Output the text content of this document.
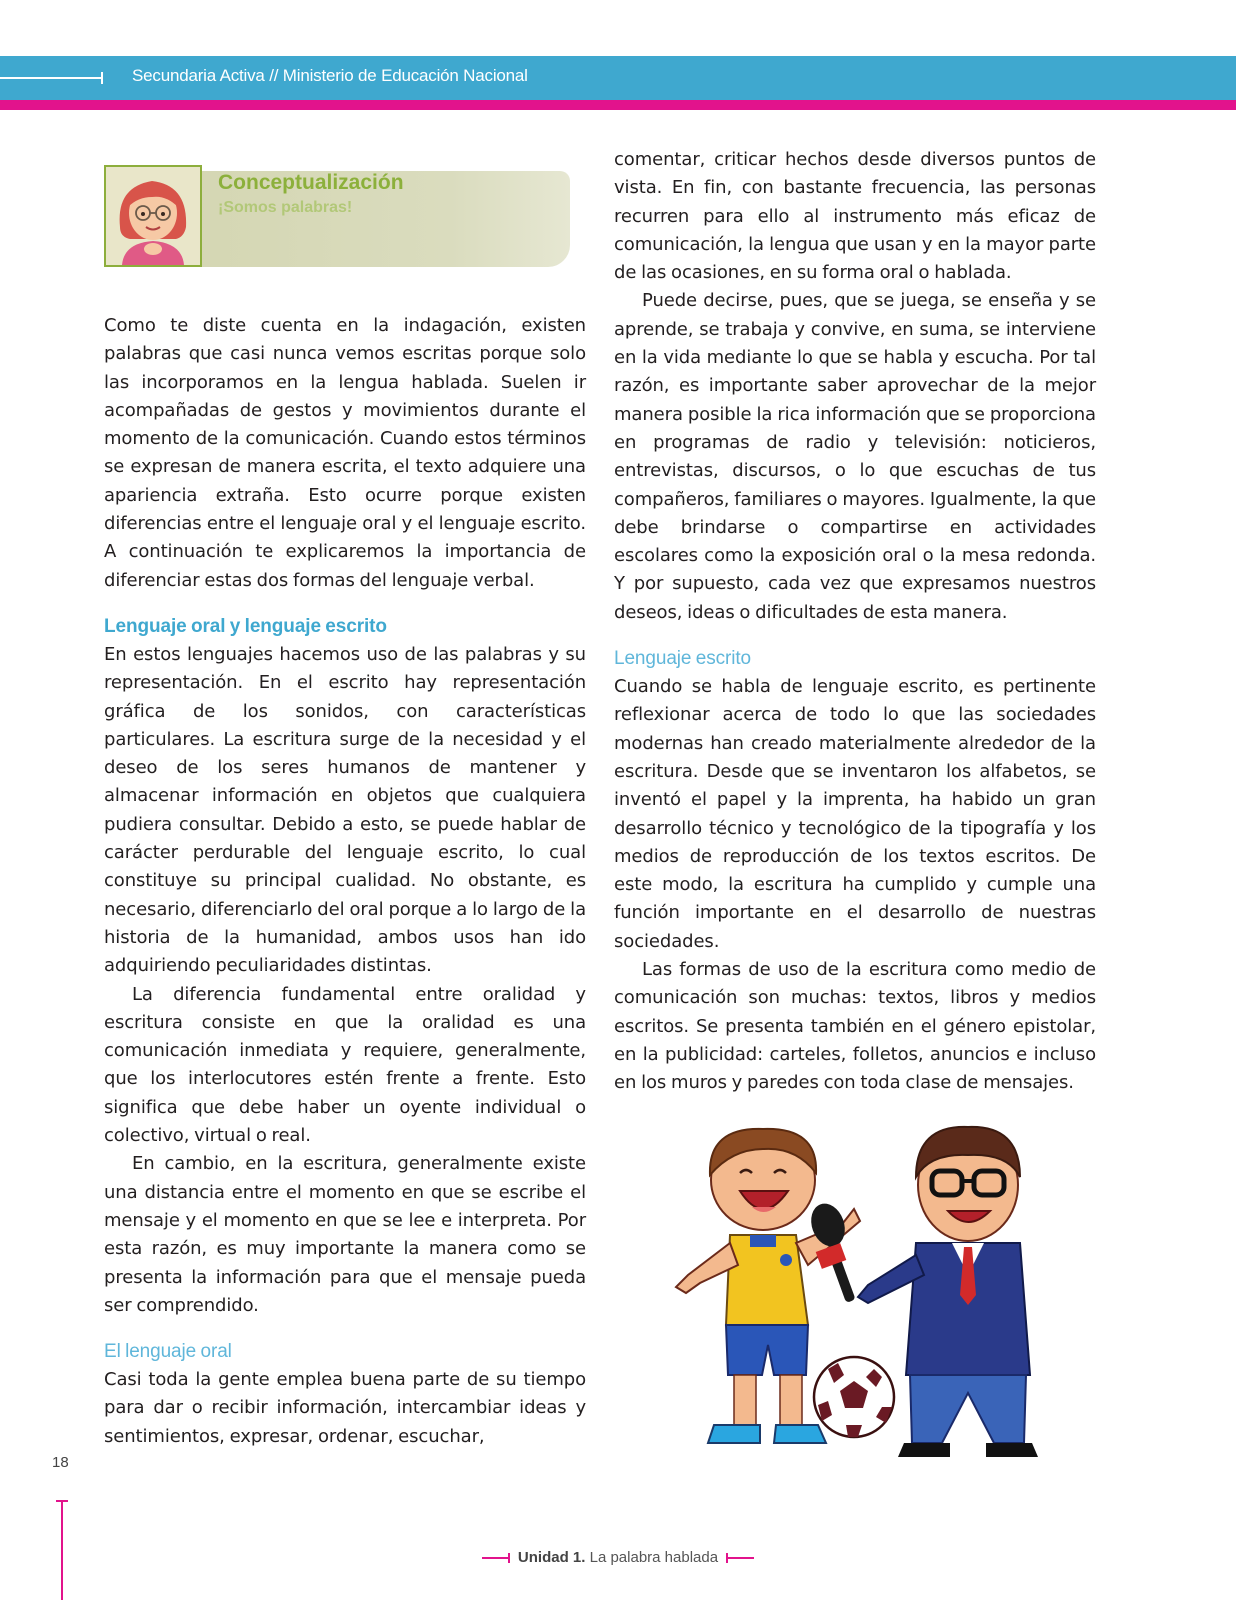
Secundaria Activa // Ministerio de Educación Nacional
Conceptualización
¡Somos palabras!

Como te diste cuenta en la indagación, existen palabras que casi nunca vemos escritas porque solo las incorporamos en la lengua hablada. Suelen ir acompañadas de gestos y movimientos durante el momento de la comunicación. Cuando estos términos se expresan de manera escrita, el texto adquiere una apariencia extraña. Esto ocurre porque existen diferencias entre el lenguaje oral y el lenguaje escrito. A continuación te explicaremos la importancia de diferenciar estas dos formas del lenguaje verbal.

Lenguaje oral y lenguaje escrito

En estos lenguajes hacemos uso de las palabras y su representación. En el escrito hay representación gráfica de los sonidos, con características particulares. La escritura surge de la necesidad y el deseo de los seres humanos de mantener y almacenar información en objetos que cualquiera pudiera consultar. Debido a esto, se puede hablar de carácter perdurable del lenguaje escrito, lo cual constituye su principal cualidad. No obstante, es necesario, diferenciarlo del oral porque a lo largo de la historia de la humanidad, ambos usos han ido adquiriendo peculiaridades distintas.

La diferencia fundamental entre oralidad y escritura consiste en que la oralidad es una comunicación inmediata y requiere, generalmente, que los interlocutores estén frente a frente. Esto significa que debe haber un oyente individual o colectivo, virtual o real.

En cambio, en la escritura, generalmente existe una distancia entre el momento en que se escribe el mensaje y el momento en que se lee e interpreta. Por esta razón, es muy importante la manera como se presenta la información para que el mensaje pueda ser comprendido.

El lenguaje oral

Casi toda la gente emplea buena parte de su tiempo para dar o recibir información, intercambiar ideas y sentimientos, expresar, ordenar, escuchar,

comentar, criticar hechos desde diversos puntos de vista. En fin, con bastante frecuencia, las personas recurren para ello al instrumento más eficaz de comunicación, la lengua que usan y en la mayor parte de las ocasiones, en su forma oral o hablada.

Puede decirse, pues, que se juega, se enseña y se aprende, se trabaja y convive, en suma, se interviene en la vida mediante lo que se habla y escucha. Por tal razón, es importante saber aprovechar de la mejor manera posible la rica información que se proporciona en programas de radio y televisión: noticieros, entrevistas, discursos, o lo que escuchas de tus compañeros, familiares o mayores. Igualmente, la que debe brindarse o compartirse en actividades escolares como la exposición oral o la mesa redonda. Y por supuesto, cada vez que expresamos nuestros deseos, ideas o dificultades de esta manera.

Lenguaje escrito

Cuando se habla de lenguaje escrito, es pertinente reflexionar acerca de todo lo que las sociedades modernas han creado materialmente alrededor de la escritura. Desde que se inventaron los alfabetos, se inventó el papel y la imprenta, ha habido un gran desarrollo técnico y tecnológico de la tipografía y los medios de reproducción de los textos escritos. De este modo, la escritura ha cumplido y cumple una función importante en el desarrollo de nuestras sociedades.

Las formas de uso de la escritura como medio de comunicación son muchas: textos, libros y medios escritos. Se presenta también en el género epistolar, en la publicidad: carteles, folletos, anuncios e incluso en los muros y paredes con toda clase de mensajes.

18
Unidad 1. La palabra hablada
